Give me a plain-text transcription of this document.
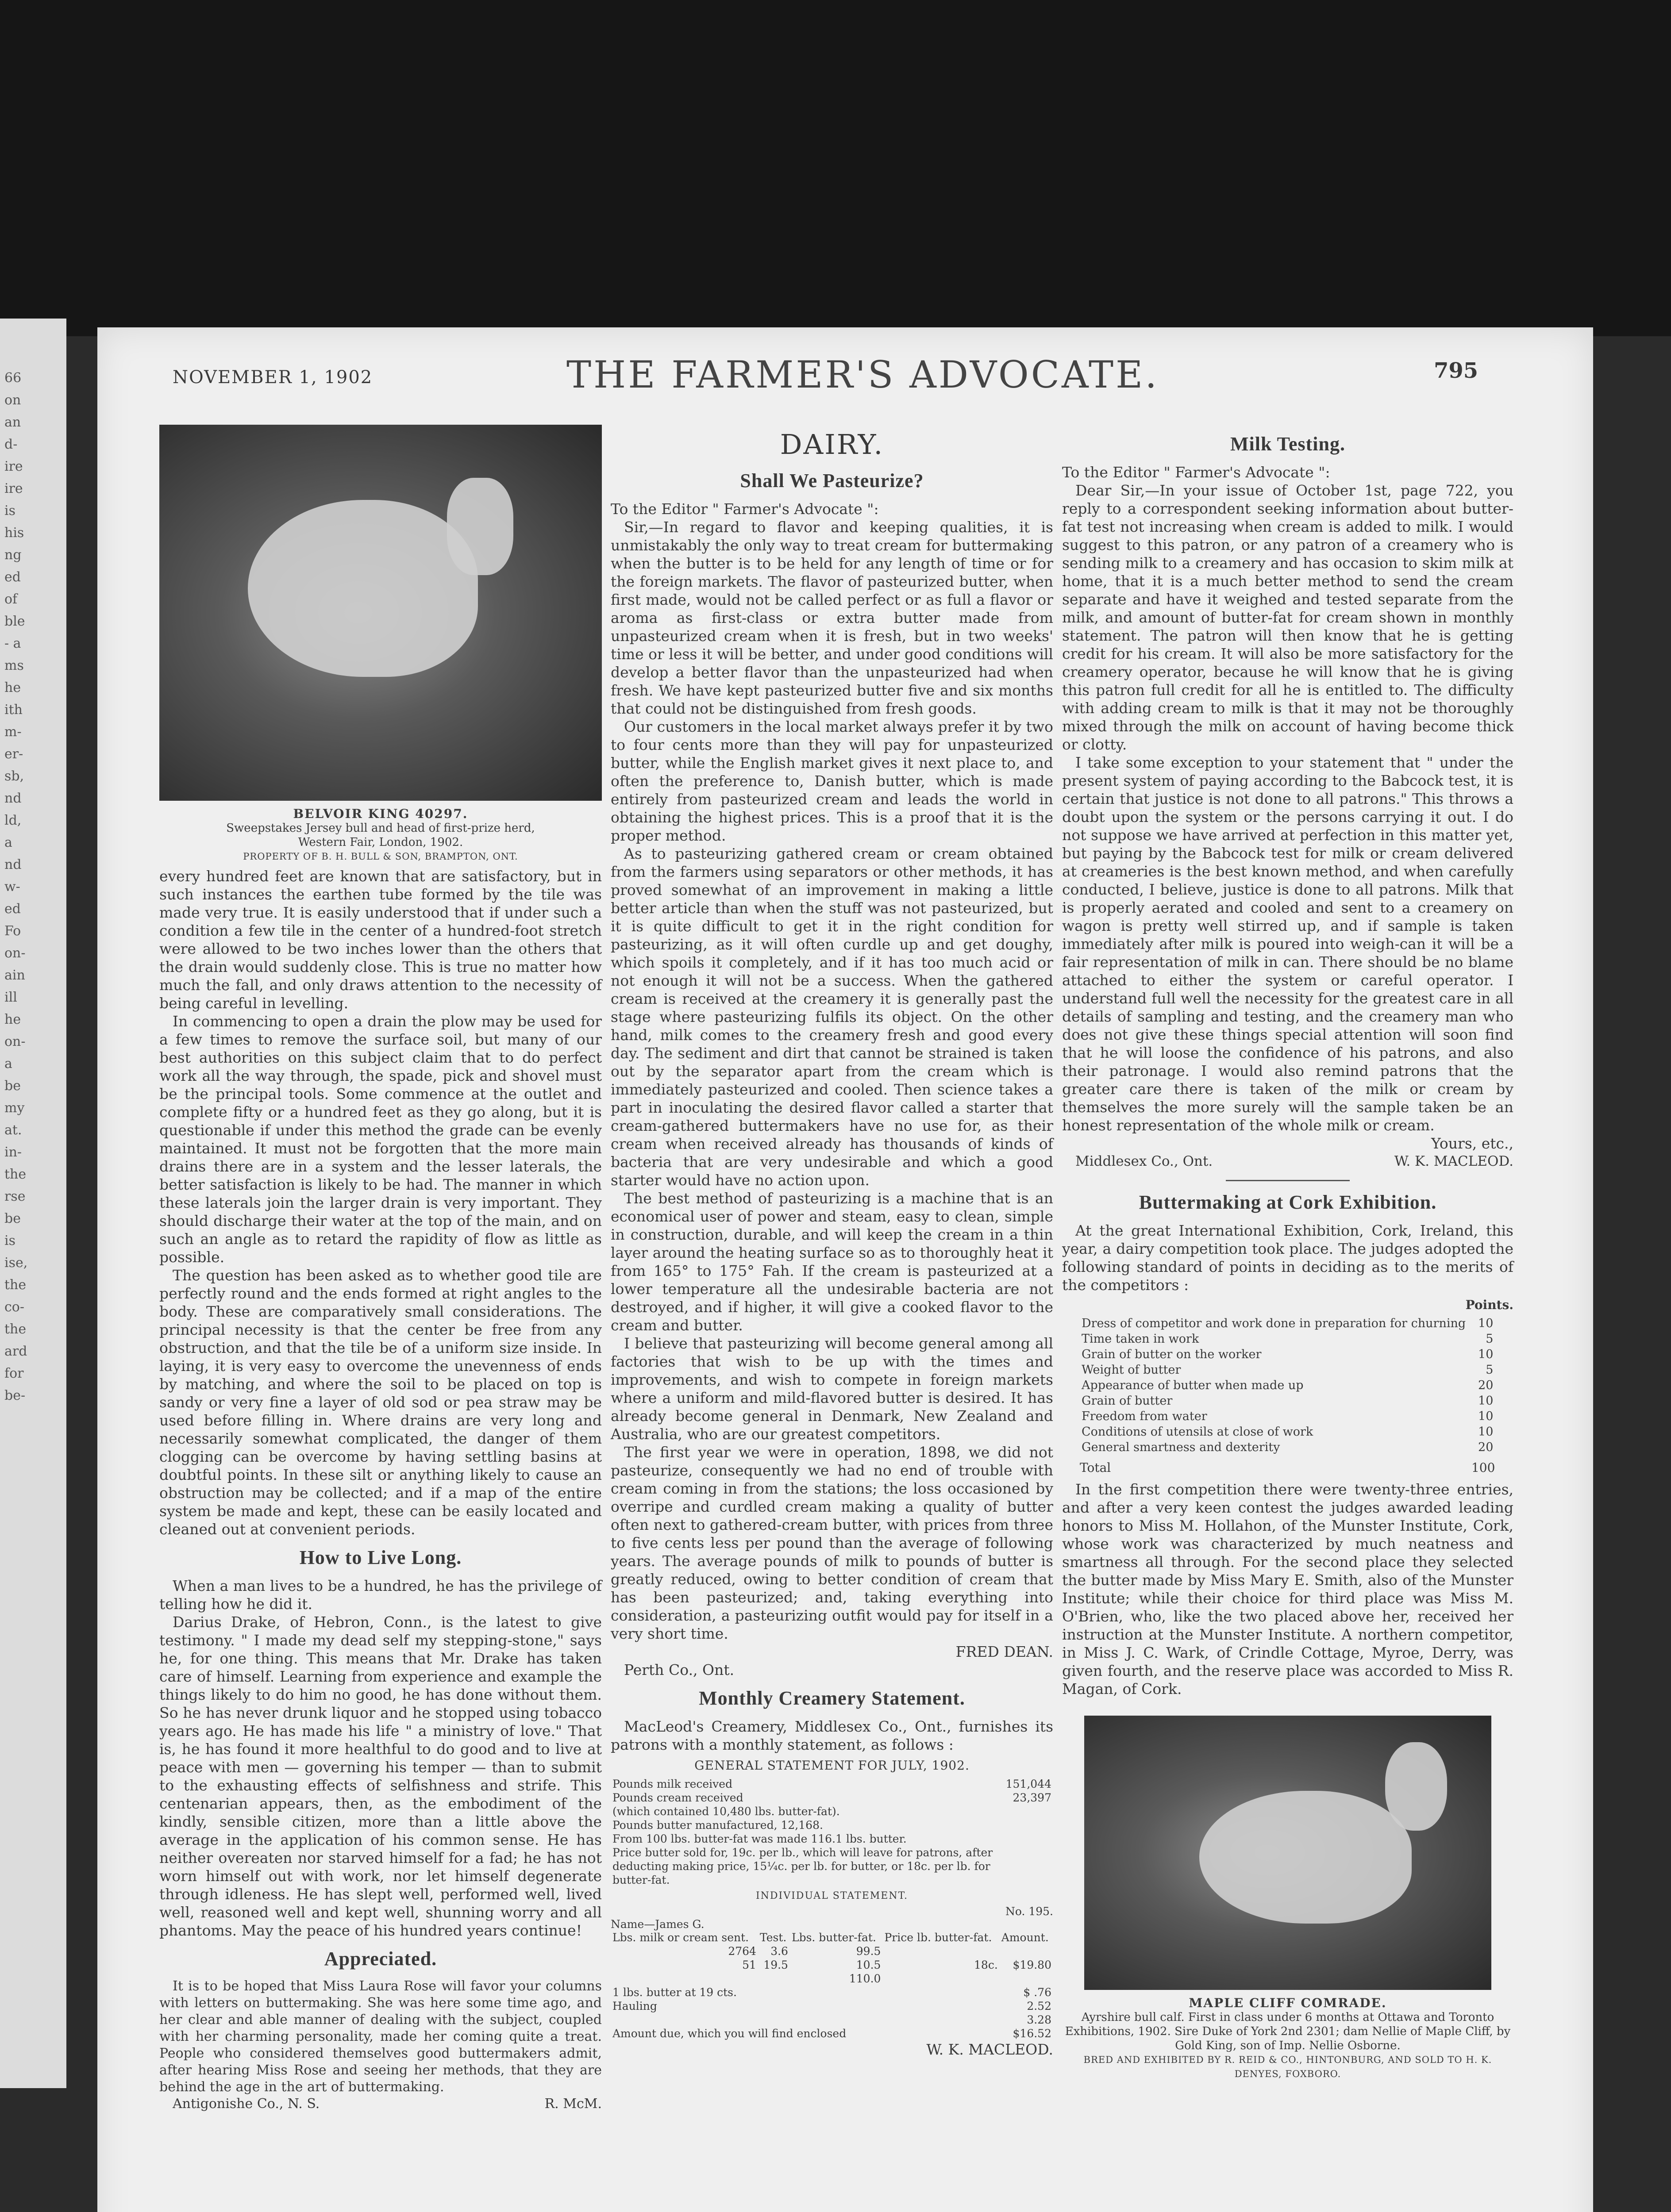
66
on
an
d-
ire
ire
is
his
ng
ed
of
ble
- a
ms
he
ith
m-
er-
sb,
nd
ld,
a
nd
w-
ed
Fo
on-
ain
ill
he
on-
a
be
my
at.
in-
the
rse
be
is
ise,
the
co-
the
ard
for
be-
NOVEMBER 1, 1902	THE FARMER'S ADVOCATE.	795
BELVOIR KING 40297.
Sweepstakes Jersey bull and head of first-prize herd,
Western Fair, London, 1902.
PROPERTY OF B. H. BULL & SON, BRAMPTON, ONT.

every hundred feet are known that are satisfactory, but in such instances the earthen tube formed by the tile was made very true. It is easily understood that if under such a condition a few tile in the center of a hundred-foot stretch were allowed to be two inches lower than the others that the drain would suddenly close. This is true no matter how much the fall, and only draws attention to the necessity of being careful in levelling.

In commencing to open a drain the plow may be used for a few times to remove the surface soil, but many of our best authorities on this subject claim that to do perfect work all the way through, the spade, pick and shovel must be the principal tools. Some commence at the outlet and complete fifty or a hundred feet as they go along, but it is questionable if under this method the grade can be evenly maintained. It must not be forgotten that the more main drains there are in a system and the lesser laterals, the better satisfaction is likely to be had. The manner in which these laterals join the larger drain is very important. They should discharge their water at the top of the main, and on such an angle as to retard the rapidity of flow as little as possible.

The question has been asked as to whether good tile are perfectly round and the ends formed at right angles to the body. These are comparatively small considerations. The principal necessity is that the center be free from any obstruction, and that the tile be of a uniform size inside. In laying, it is very easy to overcome the unevenness of ends by matching, and where the soil to be placed on top is sandy or very fine a layer of old sod or pea straw may be used before filling in. Where drains are very long and necessarily somewhat complicated, the danger of them clogging can be overcome by having settling basins at doubtful points. In these silt or anything likely to cause an obstruction may be collected; and if a map of the entire system be made and kept, these can be easily located and cleaned out at convenient periods.

How to Live Long.

When a man lives to be a hundred, he has the privilege of telling how he did it.

Darius Drake, of Hebron, Conn., is the latest to give testimony. " I made my dead self my stepping-stone," says he, for one thing. This means that Mr. Drake has taken care of himself. Learning from experience and example the things likely to do him no good, he has done without them. So he has never drunk liquor and he stopped using tobacco years ago. He has made his life " a ministry of love." That is, he has found it more healthful to do good and to live at peace with men — governing his temper — than to submit to the exhausting effects of selfishness and strife. This centenarian appears, then, as the embodiment of the kindly, sensible citizen, more than a little above the average in the application of his common sense. He has neither overeaten nor starved himself for a fad; he has not worn himself out with work, nor let himself degenerate through idleness. He has slept well, performed well, lived well, reasoned well and kept well, shunning worry and all phantoms. May the peace of his hundred years continue!

Appreciated.

It is to be hoped that Miss Laura Rose will favor your columns with letters on buttermaking. She was here some time ago, and her clear and able manner of dealing with the subject, coupled with her charming personality, made her coming quite a treat. People who considered themselves good buttermakers admit, after hearing Miss Rose and seeing her methods, that they are behind the age in the art of buttermaking.

Antigonishe Co., N. S.	R. McM.
DAIRY.
Shall We Pasteurize?

To the Editor " Farmer's Advocate ":

Sir,—In regard to flavor and keeping qualities, it is unmistakably the only way to treat cream for buttermaking when the butter is to be held for any length of time or for the foreign markets. The flavor of pasteurized butter, when first made, would not be called perfect or as full a flavor or aroma as first-class or extra butter made from unpasteurized cream when it is fresh, but in two weeks' time or less it will be better, and under good conditions will develop a better flavor than the unpasteurized had when fresh. We have kept pasteurized butter five and six months that could not be distinguished from fresh goods.

Our customers in the local market always prefer it by two to four cents more than they will pay for unpasteurized butter, while the English market gives it next place to, and often the preference to, Danish butter, which is made entirely from pasteurized cream and leads the world in obtaining the highest prices. This is a proof that it is the proper method.

As to pasteurizing gathered cream or cream obtained from the farmers using separators or other methods, it has proved somewhat of an improvement in making a little better article than when the stuff was not pasteurized, but it is quite difficult to get it in the right condition for pasteurizing, as it will often curdle up and get doughy, which spoils it completely, and if it has too much acid or not enough it will not be a success. When the gathered cream is received at the creamery it is generally past the stage where pasteurizing fulfils its object. On the other hand, milk comes to the creamery fresh and good every day. The sediment and dirt that cannot be strained is taken out by the separator apart from the cream which is immediately pasteurized and cooled. Then science takes a part in inoculating the desired flavor called a starter that cream-gathered buttermakers have no use for, as their cream when received already has thousands of kinds of bacteria that are very undesirable and which a good starter would have no action upon.

The best method of pasteurizing is a machine that is an economical user of power and steam, easy to clean, simple in construction, durable, and will keep the cream in a thin layer around the heating surface so as to thoroughly heat it from 165° to 175° Fah. If the cream is pasteurized at a lower temperature all the undesirable bacteria are not destroyed, and if higher, it will give a cooked flavor to the cream and butter.

I believe that pasteurizing will become general among all factories that wish to be up with the times and improvements, and wish to compete in foreign markets where a uniform and mild-flavored butter is desired. It has already become general in Denmark, New Zealand and Australia, who are our greatest competitors.

The first year we were in operation, 1898, we did not pasteurize, consequently we had no end of trouble with cream coming in from the stations; the loss occasioned by overripe and curdled cream making a quality of butter often next to gathered-cream butter, with prices from three to five cents less per pound than the average of following years. The average pounds of milk to pounds of butter is greatly reduced, owing to better condition of cream that has been pasteurized; and, taking everything into consideration, a pasteurizing outfit would pay for itself in a very short time.

FRED DEAN.

Perth Co., Ont.

Monthly Creamery Statement.

MacLeod's Creamery, Middlesex Co., Ont., furnishes its patrons with a monthly statement, as follows :

GENERAL STATEMENT FOR JULY, 1902.
Pounds milk received	151,044
Pounds cream received	23,397
(which contained 10,480 lbs. butter-fat).	
Pounds butter manufactured, 12,168.	
From 100 lbs. butter-fat was made 116.1 lbs. butter.	
Price butter sold for, 19c. per lb., which will leave for patrons, after deducting making price, 15¼c. per lb. for butter, or 18c. per lb. for butter-fat.	
INDIVIDUAL STATEMENT.
No. 195.
Name—James G.
Lbs. milk or cream sent.	Test.	Lbs. butter-fat.	Price lb. butter-fat.	Amount.
2764	3.6	99.5		
51	19.5	10.5	18c.	$19.80
		110.0		
1 lbs. butter at 19 cts.	$ .76
Hauling	2.52
	3.28
Amount due, which you will find enclosed	$16.52

W. K. MACLEOD.

Milk Testing.

To the Editor " Farmer's Advocate ":

Dear Sir,—In your issue of October 1st, page 722, you reply to a correspondent seeking information about butter-fat test not increasing when cream is added to milk. I would suggest to this patron, or any patron of a creamery who is sending milk to a creamery and has occasion to skim milk at home, that it is a much better method to send the cream separate and have it weighed and tested separate from the milk, and amount of butter-fat for cream shown in monthly statement. The patron will then know that he is getting credit for his cream. It will also be more satisfactory for the creamery operator, because he will know that he is giving this patron full credit for all he is entitled to. The difficulty with adding cream to milk is that it may not be thoroughly mixed through the milk on account of having become thick or clotty.

I take some exception to your statement that " under the present system of paying according to the Babcock test, it is certain that justice is not done to all patrons." This throws a doubt upon the system or the persons carrying it out. I do not suppose we have arrived at perfection in this matter yet, but paying by the Babcock test for milk or cream delivered at creameries is the best known method, and when carefully conducted, I believe, justice is done to all patrons. Milk that is properly aerated and cooled and sent to a creamery on wagon is pretty well stirred up, and if sample is taken immediately after milk is poured into weigh-can it will be a fair representation of milk in can. There should be no blame attached to either the system or careful operator. I understand full well the necessity for the greatest care in all details of sampling and testing, and the creamery man who does not give these things special attention will soon find that he will loose the confidence of his patrons, and also their patronage. I would also remind patrons that the greater care there is taken of the milk or cream by themselves the more surely will the sample taken be an honest representation of the whole milk or cream.

Yours, etc.,

Middlesex Co., Ont.	W. K. MACLEOD.
Buttermaking at Cork Exhibition.

At the great International Exhibition, Cork, Ireland, this year, a dairy competition took place. The judges adopted the following standard of points in deciding as to the merits of the competitors :

Points.
Dress of competitor and work done in preparation for churning	10
Time taken in work	5
Grain of butter on the worker	10
Weight of butter	5
Appearance of butter when made up	20
Grain of butter	10
Freedom from water	10
Conditions of utensils at close of work	10
General smartness and dexterity	20
Total	100

In the first competition there were twenty-three entries, and after a very keen contest the judges awarded leading honors to Miss M. Hollahon, of the Munster Institute, Cork, whose work was characterized by much neatness and smartness all through. For the second place they selected the butter made by Miss Mary E. Smith, also of the Munster Institute; while their choice for third place was Miss M. O'Brien, who, like the two placed above her, received her instruction at the Munster Institute. A northern competitor, in Miss J. C. Wark, of Crindle Cottage, Myroe, Derry, was given fourth, and the reserve place was accorded to Miss R. Magan, of Cork.

MAPLE CLIFF COMRADE.
Ayrshire bull calf. First in class under 6 months at Ottawa and Toronto Exhibitions, 1902. Sire Duke of York 2nd 2301; dam Nellie of Maple Cliff, by Gold King, son of Imp. Nellie Osborne.
BRED AND EXHIBITED BY R. REID & CO., HINTONBURG, AND SOLD TO H. K. DENYES, FOXBORO.
